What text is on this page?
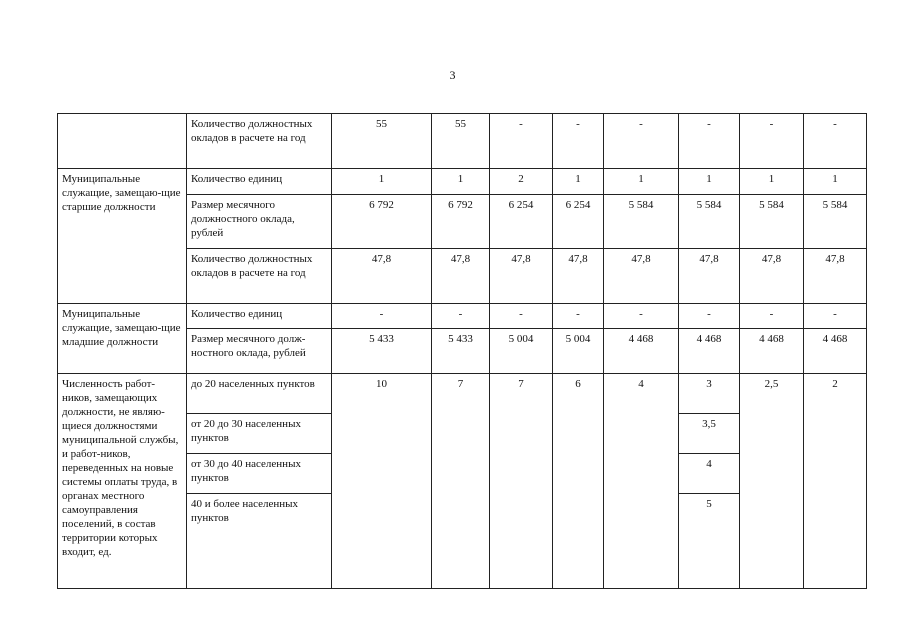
3
	Количество должностных окладов в расчете на год	55	55	-	-	-	-	-	-
Муниципальные служащие, замещаю-щие старшие должности	Количество единиц	1	1	2	1	1	1	1	1
	Размер месячного должностного оклада, рублей	6 792	6 792	6 254	6 254	5 584	5 584	5 584	5 584
	Количество должностных окладов в расчете на год	47,8	47,8	47,8	47,8	47,8	47,8	47,8	47,8
Муниципальные служащие, замещаю-щие младшие должности	Количество единиц	-	-	-	-	-	-	-	-
	Размер месячного долж-ностного оклада, рублей	5 433	5 433	5 004	5 004	4 468	4 468	4 468	4 468
Численность работ-ников, замещающих должности, не являю-щиеся должностями муниципальной службы, и работ-ников, переведенных на новые системы оплаты труда, в органах местного самоуправления поселений, в состав территории которых входит, ед.	до 20 населенных пунктов	10	7	7	6	4	3	2,5	2
	от 20 до 30 населенных пунктов						3,5		
	от 30 до 40 населенных пунктов						4		
	40 и более населенных пунктов						5		
